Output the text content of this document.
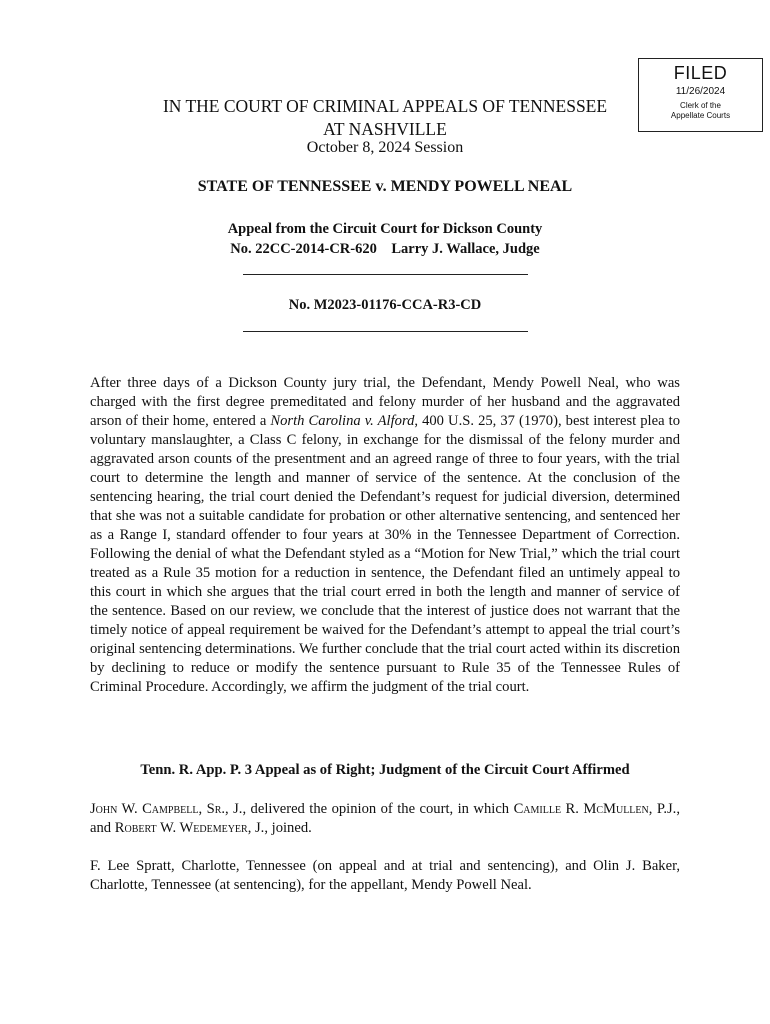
FILED
11/26/2024
Clerk of the
Appellate Courts
IN THE COURT OF CRIMINAL APPEALS OF TENNESSEE
AT NASHVILLE
October 8, 2024 Session
STATE OF TENNESSEE v. MENDY POWELL NEAL
Appeal from the Circuit Court for Dickson County
No. 22CC-2014-CR-620    Larry J. Wallace, Judge
No. M2023-01176-CCA-R3-CD
After three days of a Dickson County jury trial, the Defendant, Mendy Powell Neal, who was charged with the first degree premeditated and felony murder of her husband and the aggravated arson of their home, entered a North Carolina v. Alford, 400 U.S. 25, 37 (1970), best interest plea to voluntary manslaughter, a Class C felony, in exchange for the dismissal of the felony murder and aggravated arson counts of the presentment and an agreed range of three to four years, with the trial court to determine the length and manner of service of the sentence. At the conclusion of the sentencing hearing, the trial court denied the Defendant’s request for judicial diversion, determined that she was not a suitable candidate for probation or other alternative sentencing, and sentenced her as a Range I, standard offender to four years at 30% in the Tennessee Department of Correction. Following the denial of what the Defendant styled as a “Motion for New Trial,” which the trial court treated as a Rule 35 motion for a reduction in sentence, the Defendant filed an untimely appeal to this court in which she argues that the trial court erred in both the length and manner of service of the sentence. Based on our review, we conclude that the interest of justice does not warrant that the timely notice of appeal requirement be waived for the Defendant’s attempt to appeal the trial court’s original sentencing determinations. We further conclude that the trial court acted within its discretion by declining to reduce or modify the sentence pursuant to Rule 35 of the Tennessee Rules of Criminal Procedure. Accordingly, we affirm the judgment of the trial court.
Tenn. R. App. P. 3 Appeal as of Right; Judgment of the Circuit Court Affirmed
John W. Campbell, Sr., J., delivered the opinion of the court, in which Camille R. McMullen, P.J., and Robert W. Wedemeyer, J., joined.
F. Lee Spratt, Charlotte, Tennessee (on appeal and at trial and sentencing), and Olin J. Baker, Charlotte, Tennessee (at sentencing), for the appellant, Mendy Powell Neal.
